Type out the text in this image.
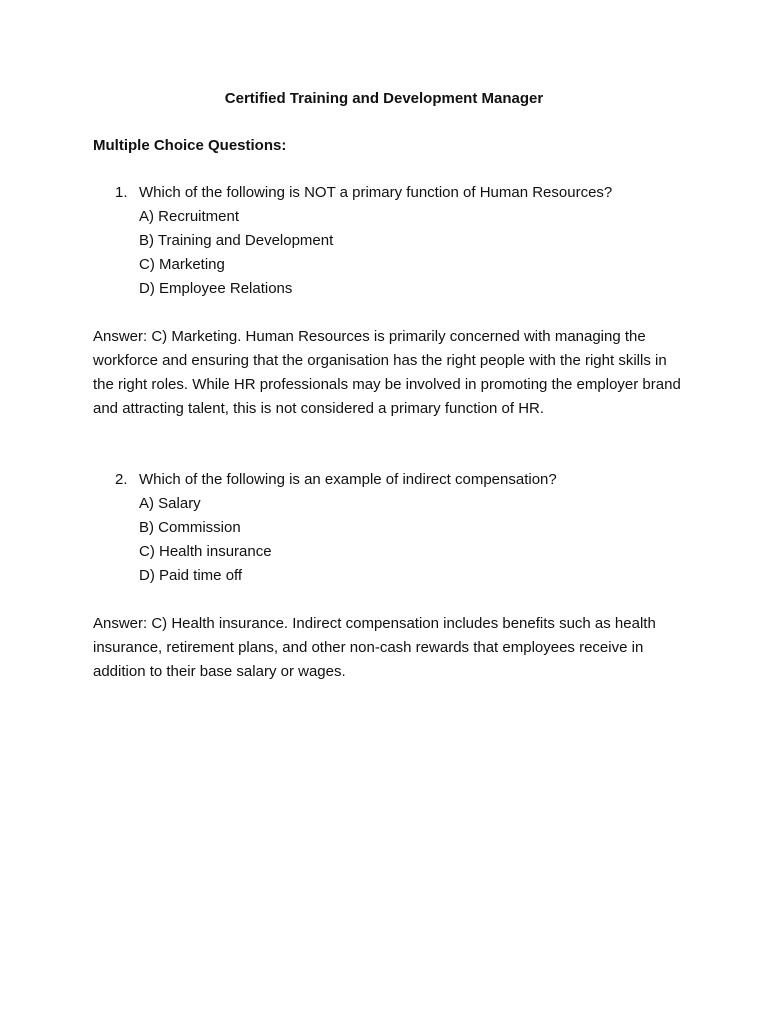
Certified Training and Development Manager
Multiple Choice Questions:
1. Which of the following is NOT a primary function of Human Resources?
A) Recruitment
B) Training and Development
C) Marketing
D) Employee Relations
Answer: C) Marketing. Human Resources is primarily concerned with managing the workforce and ensuring that the organisation has the right people with the right skills in the right roles. While HR professionals may be involved in promoting the employer brand and attracting talent, this is not considered a primary function of HR.
2. Which of the following is an example of indirect compensation?
A) Salary
B) Commission
C) Health insurance
D) Paid time off
Answer: C) Health insurance. Indirect compensation includes benefits such as health insurance, retirement plans, and other non-cash rewards that employees receive in addition to their base salary or wages.
